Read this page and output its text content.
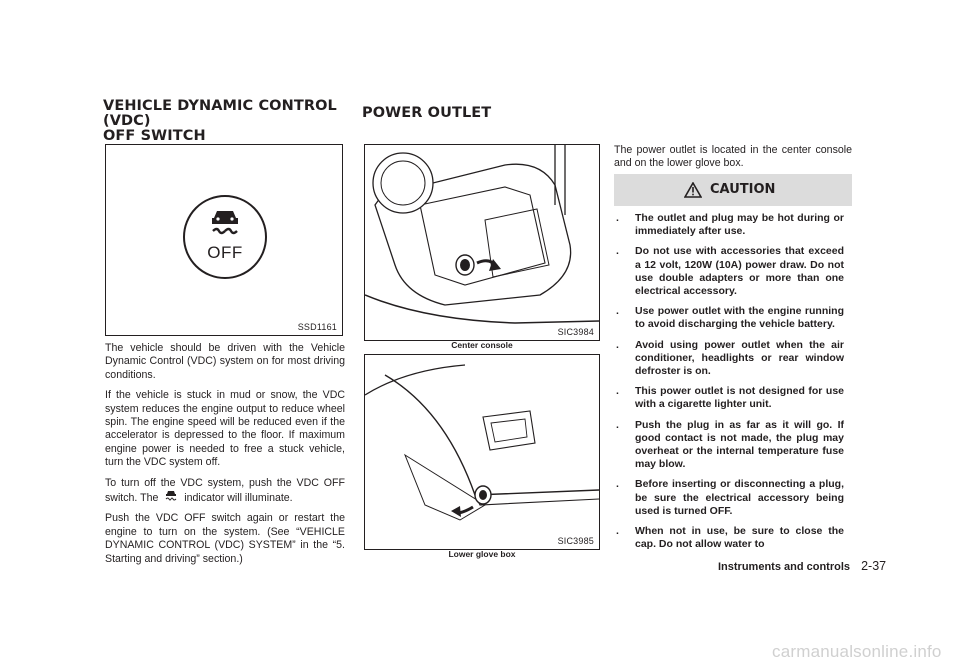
VEHICLE DYNAMIC CONTROL (VDC)
OFF SWITCH
POWER OUTLET
OFF
SSD1161

The vehicle should be driven with the Vehicle Dynamic Control (VDC) system on for most driving conditions.

If the vehicle is stuck in mud or snow, the VDC system reduces the engine output to reduce wheel spin. The engine speed will be reduced even if the accelerator is depressed to the floor. If maximum engine power is needed to free a stuck vehicle, turn the VDC system off.

To turn off the VDC system, push the VDC OFF switch. The indicator will illuminate.

Push the VDC OFF switch again or restart the engine to turn on the system. (See “VEHICLE DYNAMIC CONTROL (VDC) SYSTEM” in the “5. Starting and driving” section.)

SIC3984
Center console
SIC3985
Lower glove box

The power outlet is located in the center console and on the lower glove box.

CAUTION
. The outlet and plug may be hot during or immediately after use.
. Do not use with accessories that exceed a 12 volt, 120W (10A) power draw. Do not use double adapters or more than one electrical accessory.
. Use power outlet with the engine running to avoid discharging the vehicle battery.
. Avoid using power outlet when the air conditioner, headlights or rear window defroster is on.
. This power outlet is not designed for use with a cigarette lighter unit.
. Push the plug in as far as it will go. If good contact is not made, the plug may overheat or the internal temperature fuse may blow.
. Before inserting or disconnecting a plug, be sure the electrical accessory being used is turned OFF.
. When not in use, be sure to close the cap. Do not allow water to
Instruments and controls 2-37
carmanualsonline.info
